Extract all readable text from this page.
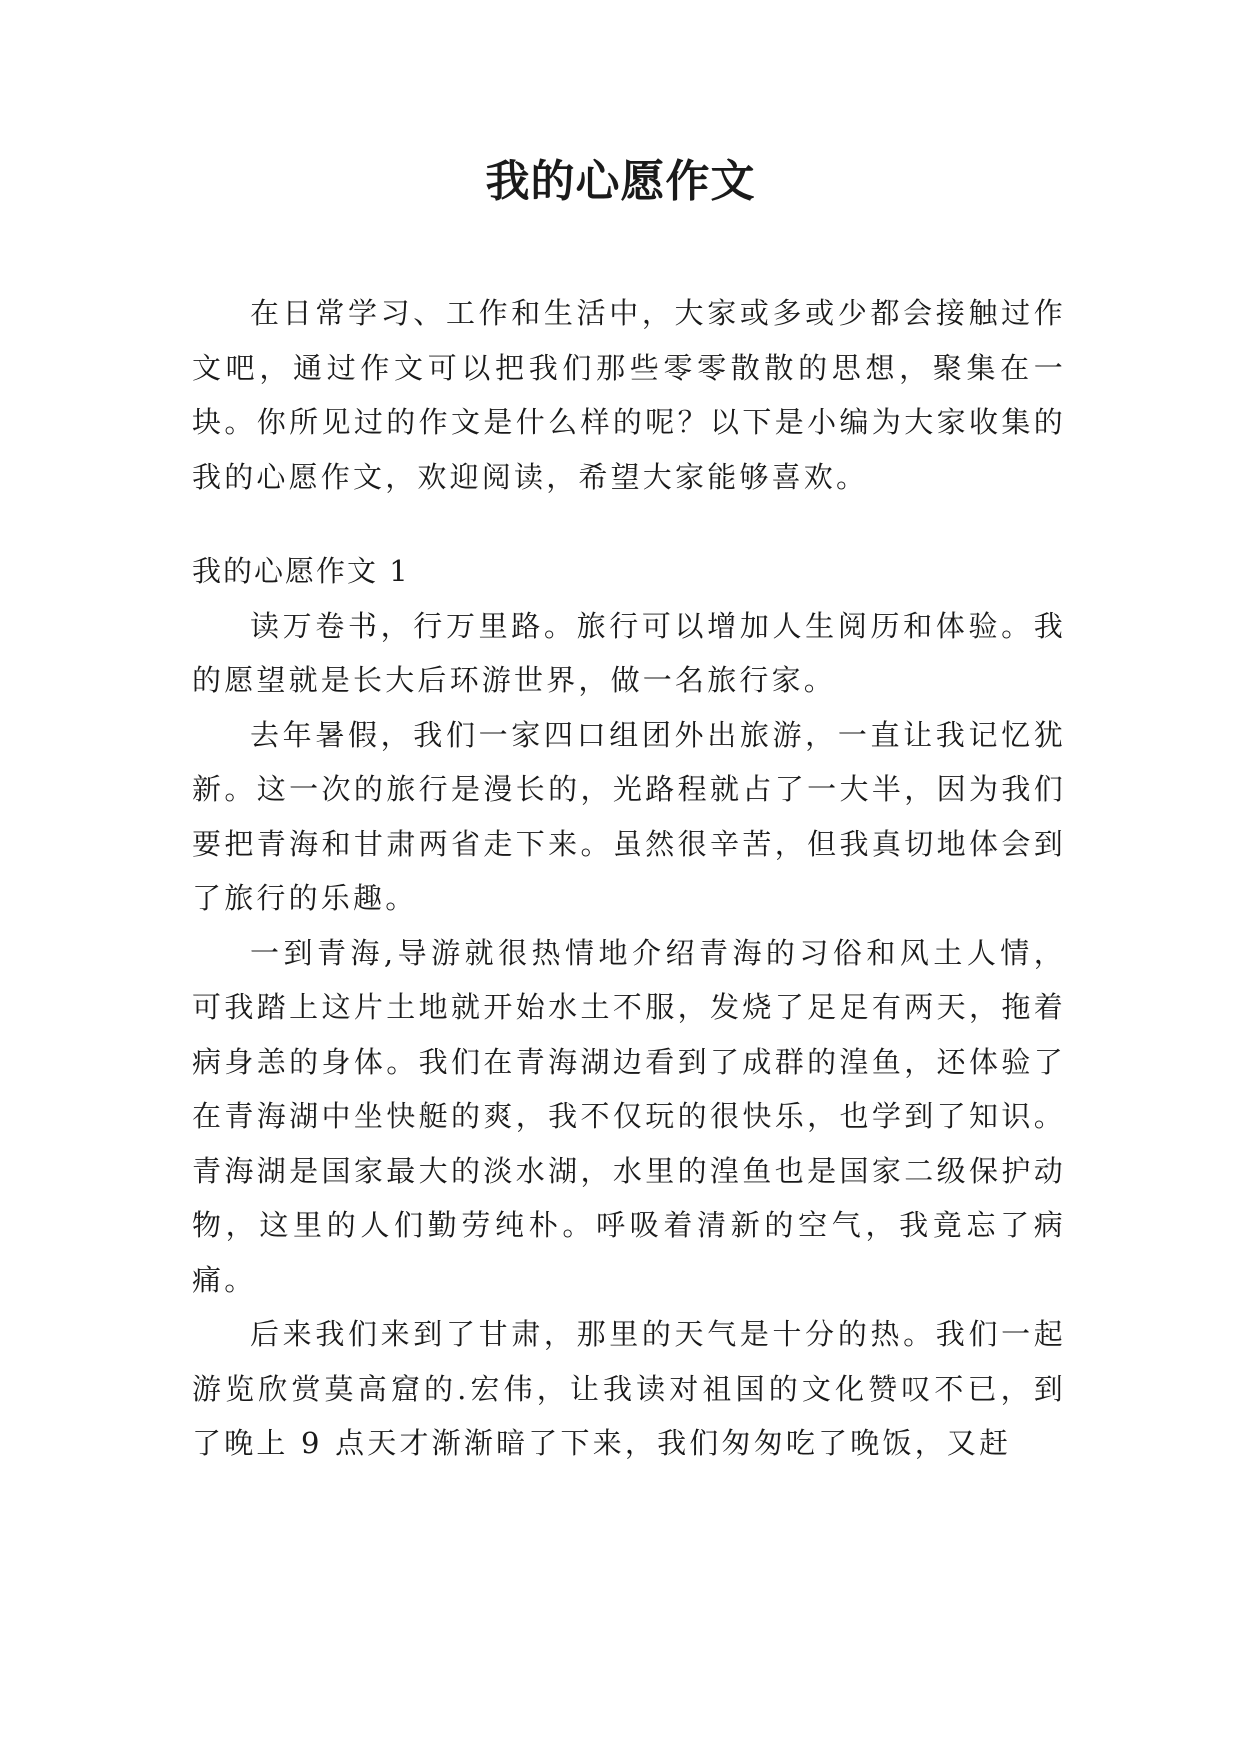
我的心愿作文

在日常学习、工作和生活中，大家或多或少都会接触过作文吧，通过作文可以把我们那些零零散散的思想，聚集在一块。你所见过的作文是什么样的呢？以下是小编为大家收集的我的心愿作文，欢迎阅读，希望大家能够喜欢。

我的心愿作文 1

读万卷书，行万里路。旅行可以增加人生阅历和体验。我的愿望就是长大后环游世界，做一名旅行家。

去年暑假，我们一家四口组团外出旅游，一直让我记忆犹新。这一次的旅行是漫长的，光路程就占了一大半，因为我们要把青海和甘肃两省走下来。虽然很辛苦，但我真切地体会到了旅行的乐趣。

一到青海,导游就很热情地介绍青海的习俗和风土人情，可我踏上这片土地就开始水土不服，发烧了足足有两天，拖着病身恙的身体。我们在青海湖边看到了成群的湟鱼，还体验了在青海湖中坐快艇的爽，我不仅玩的很快乐，也学到了知识。青海湖是国家最大的淡水湖，水里的湟鱼也是国家二级保护动物，这里的人们勤劳纯朴。呼吸着清新的空气，我竟忘了病痛。

后来我们来到了甘肃，那里的天气是十分的热。我们一起游览欣赏莫高窟的.宏伟，让我读对祖国的文化赞叹不已，到了晚上 9 点天才渐渐暗了下来，我们匆匆吃了晚饭，又赶
